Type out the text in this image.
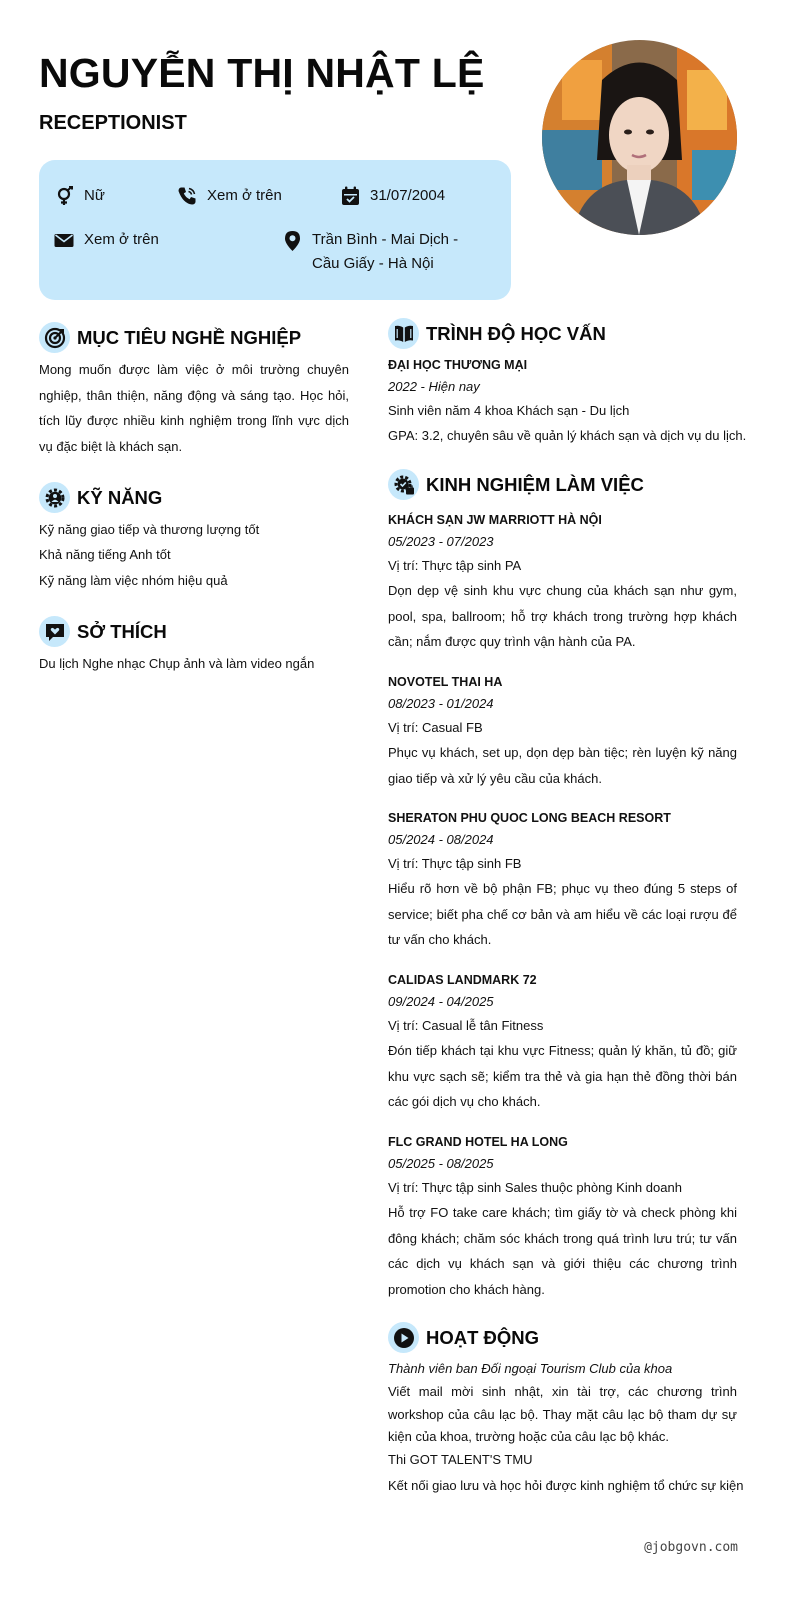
NGUYỄN THỊ NHẬT LỆ
RECEPTIONIST
Nữ	Xem ở trên	31/07/2004
Xem ở trên	Trần Bình - Mai Dịch - Cầu Giấy - Hà Nội
MỤC TIÊU NGHỀ NGHIỆP
Mong muốn được làm việc ở môi trường chuyên nghiệp, thân thiện, năng động và sáng tạo. Học hỏi, tích lũy được nhiều kinh nghiệm trong lĩnh vực dịch vụ đặc biệt là khách sạn.
KỸ NĂNG
Kỹ năng giao tiếp và thương lượng tốt
Khả năng tiếng Anh tốt
Kỹ năng làm việc nhóm hiệu quả
SỞ THÍCH
Du lịch Nghe nhạc Chụp ảnh và làm video ngắn
TRÌNH ĐỘ HỌC VẤN
ĐẠI HỌC THƯƠNG MẠI
2022 - Hiện nay
Sinh viên năm 4 khoa Khách sạn - Du lịch
GPA: 3.2, chuyên sâu về quản lý khách sạn và dịch vụ du lịch.
KINH NGHIỆM LÀM VIỆC
KHÁCH SẠN JW MARRIOTT HÀ NỘI
05/2023 - 07/2023
Vị trí: Thực tập sinh PA
Dọn dẹp vệ sinh khu vực chung của khách sạn như gym, pool, spa, ballroom; hỗ trợ khách trong trường hợp khách cần; nắm được quy trình vận hành của PA.
NOVOTEL THAI HA
08/2023 - 01/2024
Vị trí: Casual FB
Phục vụ khách, set up, dọn dẹp bàn tiệc; rèn luyện kỹ năng giao tiếp và xử lý yêu cầu của khách.
SHERATON PHU QUOC LONG BEACH RESORT
05/2024 - 08/2024
Vị trí: Thực tập sinh FB
Hiểu rõ hơn về bộ phận FB; phục vụ theo đúng 5 steps of service; biết pha chế cơ bản và am hiểu về các loại rượu để tư vấn cho khách.
CALIDAS LANDMARK 72
09/2024 - 04/2025
Vị trí: Casual lễ tân Fitness
Đón tiếp khách tại khu vực Fitness; quản lý khăn, tủ đồ; giữ khu vực sạch sẽ; kiểm tra thẻ và gia hạn thẻ đồng thời bán các gói dịch vụ cho khách.
FLC GRAND HOTEL HA LONG
05/2025 - 08/2025
Vị trí: Thực tập sinh Sales thuộc phòng Kinh doanh
Hỗ trợ FO take care khách; tìm giấy tờ và check phòng khi đông khách; chăm sóc khách trong quá trình lưu trú; tư vấn các dịch vụ khách sạn và giới thiệu các chương trình promotion cho khách hàng.
HOẠT ĐỘNG
Thành viên ban Đối ngoại Tourism Club của khoa
Viết mail mời sinh nhật, xin tài trợ, các chương trình workshop của câu lạc bộ. Thay mặt câu lạc bộ tham dự sự kiện của khoa, trường hoặc của câu lạc bộ khác.
Thi GOT TALENT'S TMU
Kết nối giao lưu và học hỏi được kinh nghiệm tổ chức sự kiện
@jobgovn.com
